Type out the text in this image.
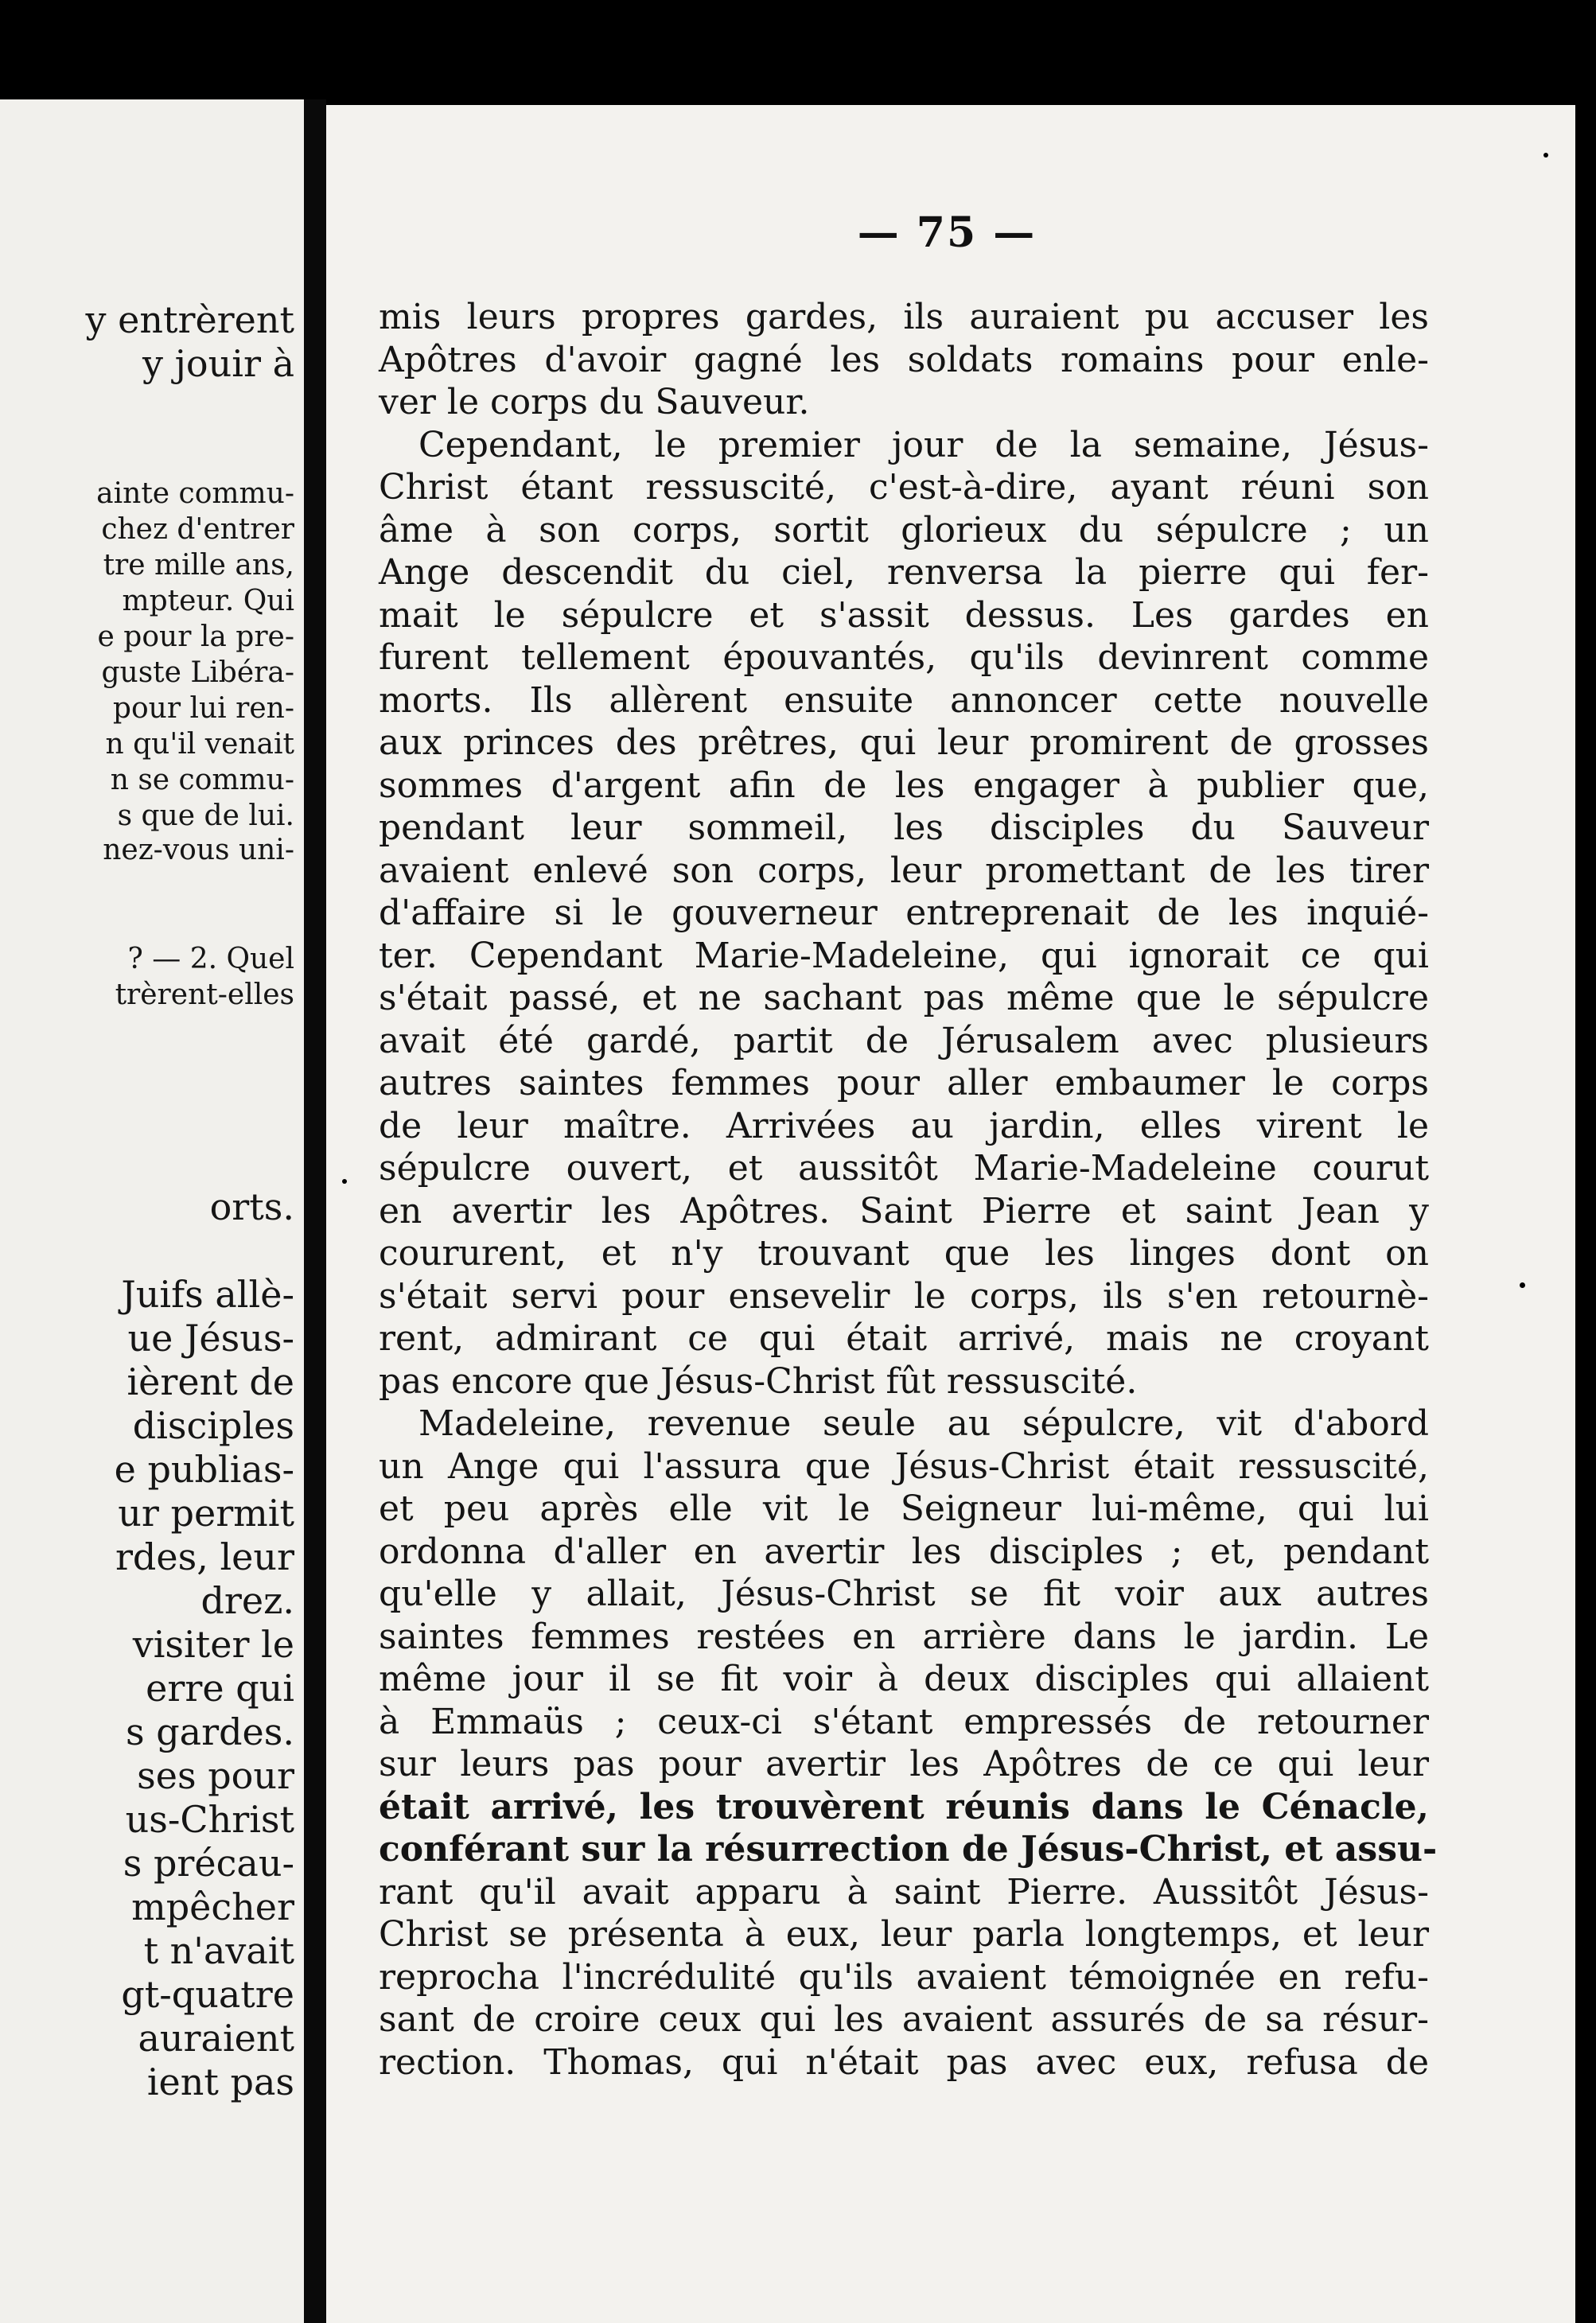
y entrèrent
y jouir à
ainte commu-
chez d'entrer
tre mille ans,
mpteur. Qui
e pour la pre-
guste Libéra-
pour lui ren-
n qu'il venait
n se commu-
s que de lui.
nez-vous uni-
? — 2. Quel
trèrent-elles
orts.
Juifs allè-
ue Jésus-
ièrent de
disciples
e publias-
ur permit
rdes, leur
drez.
visiter le
erre qui
s gardes.
ses pour
us-Christ
s précau-
mpêcher
t n'avait
gt-quatre
auraient
ient pas
— 75 —
mis leurs propres gardes, ils auraient pu accuser les
Apôtres d'avoir gagné les soldats romains pour enle-
ver le corps du Sauveur.
Cependant, le premier jour de la semaine, Jésus-
Christ étant ressuscité, c'est-à-dire, ayant réuni son
âme à son corps, sortit glorieux du sépulcre ; un
Ange descendit du ciel, renversa la pierre qui fer-
mait le sépulcre et s'assit dessus. Les gardes en
furent tellement épouvantés, qu'ils devinrent comme
morts. Ils allèrent ensuite annoncer cette nouvelle
aux princes des prêtres, qui leur promirent de grosses
sommes d'argent afin de les engager à publier que,
pendant leur sommeil, les disciples du Sauveur
avaient enlevé son corps, leur promettant de les tirer
d'affaire si le gouverneur entreprenait de les inquié-
ter. Cependant Marie-Madeleine, qui ignorait ce qui
s'était passé, et ne sachant pas même que le sépulcre
avait été gardé, partit de Jérusalem avec plusieurs
autres saintes femmes pour aller embaumer le corps
de leur maître. Arrivées au jardin, elles virent le
sépulcre ouvert, et aussitôt Marie-Madeleine courut
en avertir les Apôtres. Saint Pierre et saint Jean y
coururent, et n'y trouvant que les linges dont on
s'était servi pour ensevelir le corps, ils s'en retournè-
rent, admirant ce qui était arrivé, mais ne croyant
pas encore que Jésus-Christ fût ressuscité.
Madeleine, revenue seule au sépulcre, vit d'abord
un Ange qui l'assura que Jésus-Christ était ressuscité,
et peu après elle vit le Seigneur lui-même, qui lui
ordonna d'aller en avertir les disciples ; et, pendant
qu'elle y allait, Jésus-Christ se fit voir aux autres
saintes femmes restées en arrière dans le jardin. Le
même jour il se fit voir à deux disciples qui allaient
à Emmaüs ; ceux-ci s'étant empressés de retourner
sur leurs pas pour avertir les Apôtres de ce qui leur
était arrivé, les trouvèrent réunis dans le Cénacle,
conférant sur la résurrection de Jésus-Christ, et assu-
rant qu'il avait apparu à saint Pierre. Aussitôt Jésus-
Christ se présenta à eux, leur parla longtemps, et leur
reprocha l'incrédulité qu'ils avaient témoignée en refu-
sant de croire ceux qui les avaient assurés de sa résur-
rection. Thomas, qui n'était pas avec eux, refusa de
